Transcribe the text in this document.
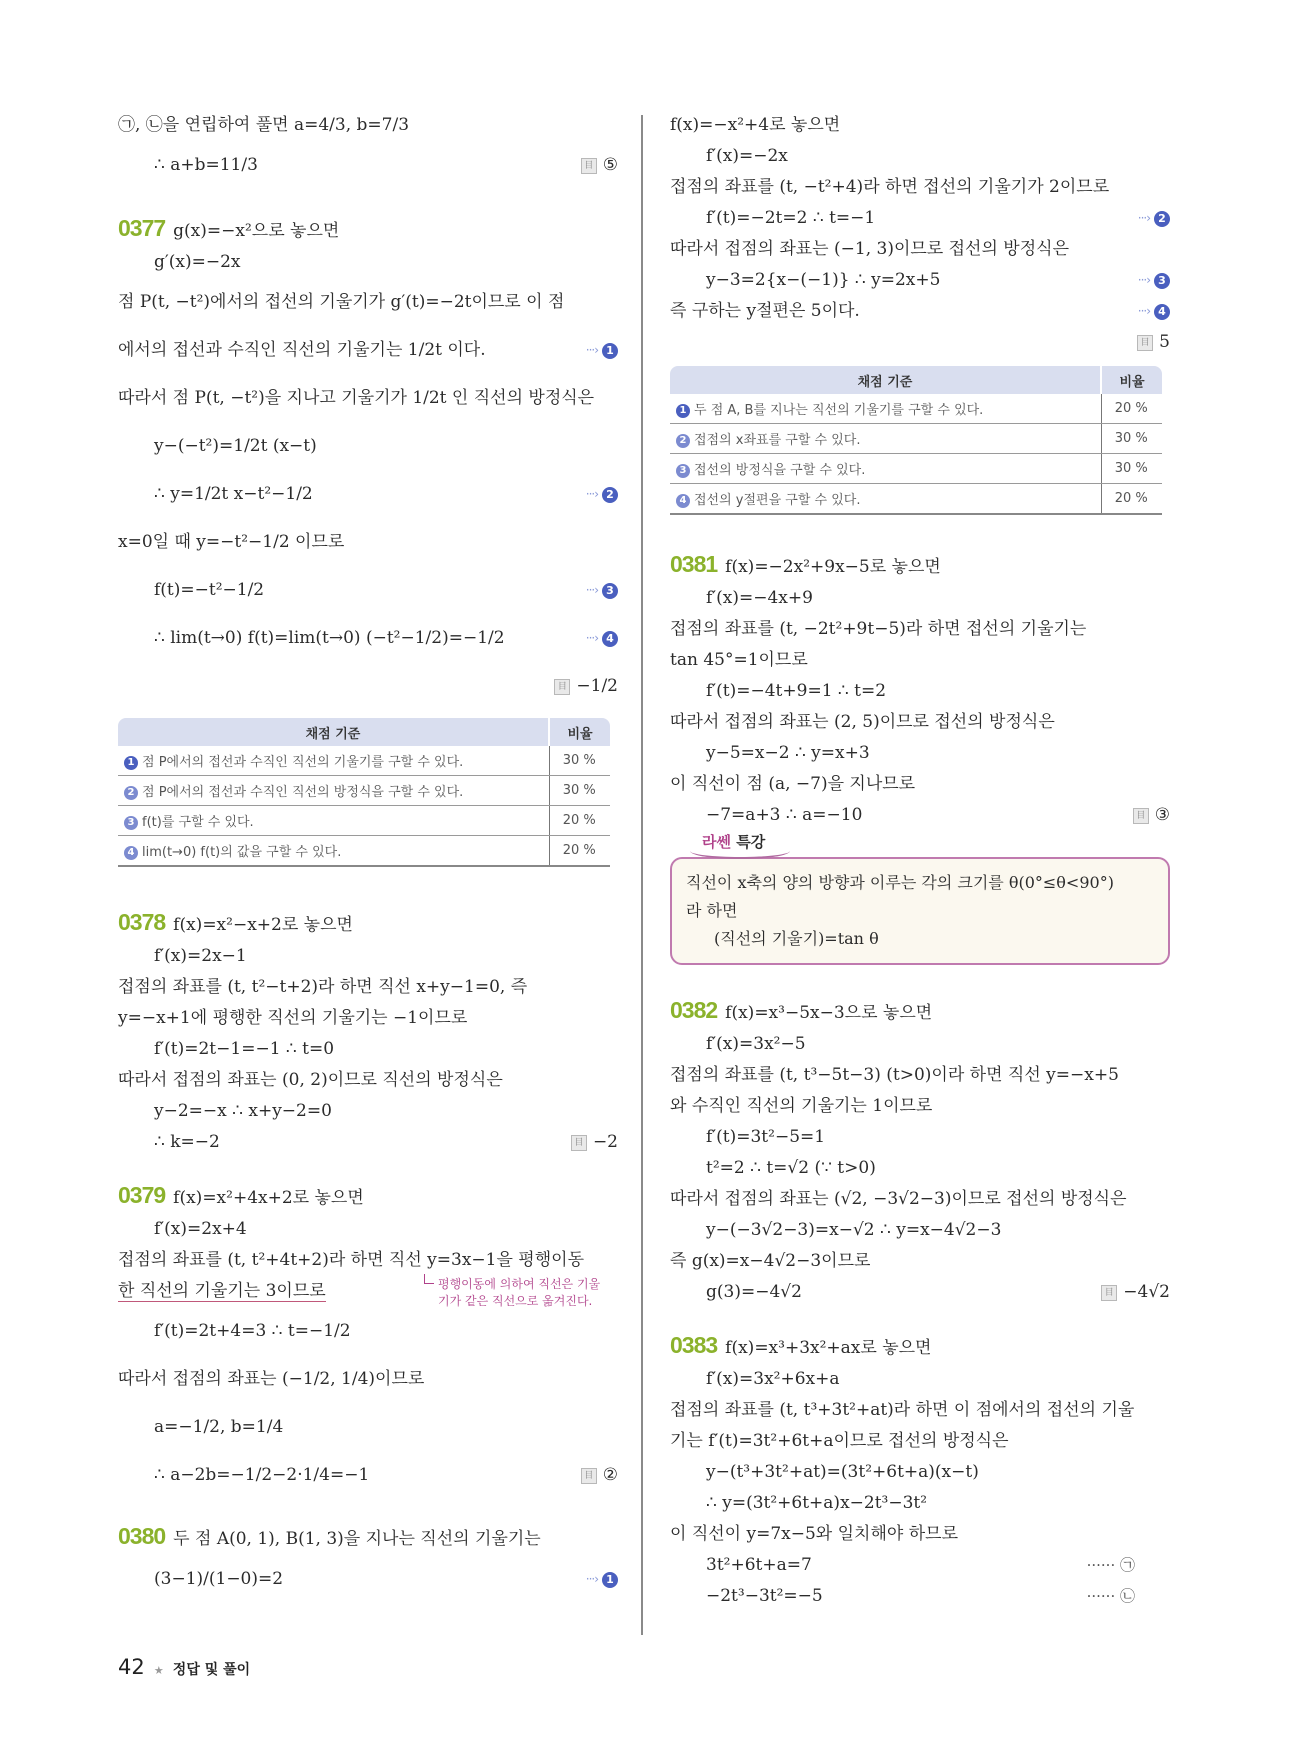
㉠, ㉡을 연립하여 풀면 a=4/3, b=7/3
∴ a+b=11/3	目 ⑤
0377 g(x)=−x²으로 놓으면
g′(x)=−2x
점 P(t, −t²)에서의 접선의 기울기가 g′(t)=−2t이므로 이 점
에서의 접선과 수직인 직선의 기울기는 1/2t 이다.	···› 1
따라서 점 P(t, −t²)을 지나고 기울기가 1/2t 인 직선의 방정식은
y−(−t²)=1/2t (x−t)
∴ y=1/2t x−t²−1/2	···› 2
x=0일 때 y=−t²−1/2 이므로
f(t)=−t²−1/2	···› 3
∴ lim(t→0) f(t)=lim(t→0) (−t²−1/2)=−1/2	···› 4
目 −1/2
채점 기준	비율
1 점 P에서의 접선과 수직인 직선의 기울기를 구할 수 있다.	30 %
2 점 P에서의 접선과 수직인 직선의 방정식을 구할 수 있다.	30 %
3 f(t)를 구할 수 있다.	20 %
4 lim(t→0) f(t)의 값을 구할 수 있다.	20 %
0378 f(x)=x²−x+2로 놓으면
f′(x)=2x−1
접점의 좌표를 (t, t²−t+2)라 하면 직선 x+y−1=0, 즉
y=−x+1에 평행한 직선의 기울기는 −1이므로
f′(t)=2t−1=−1 ∴ t=0
따라서 접점의 좌표는 (0, 2)이므로 직선의 방정식은
y−2=−x ∴ x+y−2=0
∴ k=−2	目 −2
0379 f(x)=x²+4x+2로 놓으면
f′(x)=2x+4
접점의 좌표를 (t, t²+4t+2)라 하면 직선 y=3x−1을 평행이동
한 직선의 기울기는 3이므로	평행이동에 의하여 직선은 기울기가 같은 직선으로 옮겨진다.
f′(t)=2t+4=3 ∴ t=−1/2
따라서 접점의 좌표는 (−1/2, 1/4)이므로
a=−1/2, b=1/4
∴ a−2b=−1/2−2·1/4=−1	目 ②
0380 두 점 A(0, 1), B(1, 3)을 지나는 직선의 기울기는
(3−1)/(1−0)=2	···› 1
f(x)=−x²+4로 놓으면
f′(x)=−2x
접점의 좌표를 (t, −t²+4)라 하면 접선의 기울기가 2이므로
f′(t)=−2t=2 ∴ t=−1	···› 2
따라서 접점의 좌표는 (−1, 3)이므로 접선의 방정식은
y−3=2{x−(−1)} ∴ y=2x+5	···› 3
즉 구하는 y절편은 5이다.	···› 4
目 5
채점 기준	비율
1 두 점 A, B를 지나는 직선의 기울기를 구할 수 있다.	20 %
2 접점의 x좌표를 구할 수 있다.	30 %
3 접선의 방정식을 구할 수 있다.	30 %
4 접선의 y절편을 구할 수 있다.	20 %
0381 f(x)=−2x²+9x−5로 놓으면
f′(x)=−4x+9
접점의 좌표를 (t, −2t²+9t−5)라 하면 접선의 기울기는
tan 45°=1이므로
f′(t)=−4t+9=1 ∴ t=2
따라서 접점의 좌표는 (2, 5)이므로 접선의 방정식은
y−5=x−2 ∴ y=x+3
이 직선이 점 (a, −7)을 지나므로
−7=a+3 ∴ a=−10	目 ③
라쎈 특강
직선이 x축의 양의 방향과 이루는 각의 크기를 θ(0°≤θ<90°)
라 하면
(직선의 기울기)=tan θ
0382 f(x)=x³−5x−3으로 놓으면
f′(x)=3x²−5
접점의 좌표를 (t, t³−5t−3) (t>0)이라 하면 직선 y=−x+5
와 수직인 직선의 기울기는 1이므로
f′(t)=3t²−5=1
t²=2 ∴ t=√2 (∵ t>0)
따라서 접점의 좌표는 (√2, −3√2−3)이므로 접선의 방정식은
y−(−3√2−3)=x−√2 ∴ y=x−4√2−3
즉 g(x)=x−4√2−3이므로
g(3)=−4√2	目 −4√2
0383 f(x)=x³+3x²+ax로 놓으면
f′(x)=3x²+6x+a
접점의 좌표를 (t, t³+3t²+at)라 하면 이 점에서의 접선의 기울
기는 f′(t)=3t²+6t+a이므로 접선의 방정식은
y−(t³+3t²+at)=(3t²+6t+a)(x−t)
∴ y=(3t²+6t+a)x−2t³−3t²
이 직선이 y=7x−5와 일치해야 하므로
3t²+6t+a=7	······ ㉠
−2t³−3t²=−5	······ ㉡
42 ★ 정답 및 풀이
